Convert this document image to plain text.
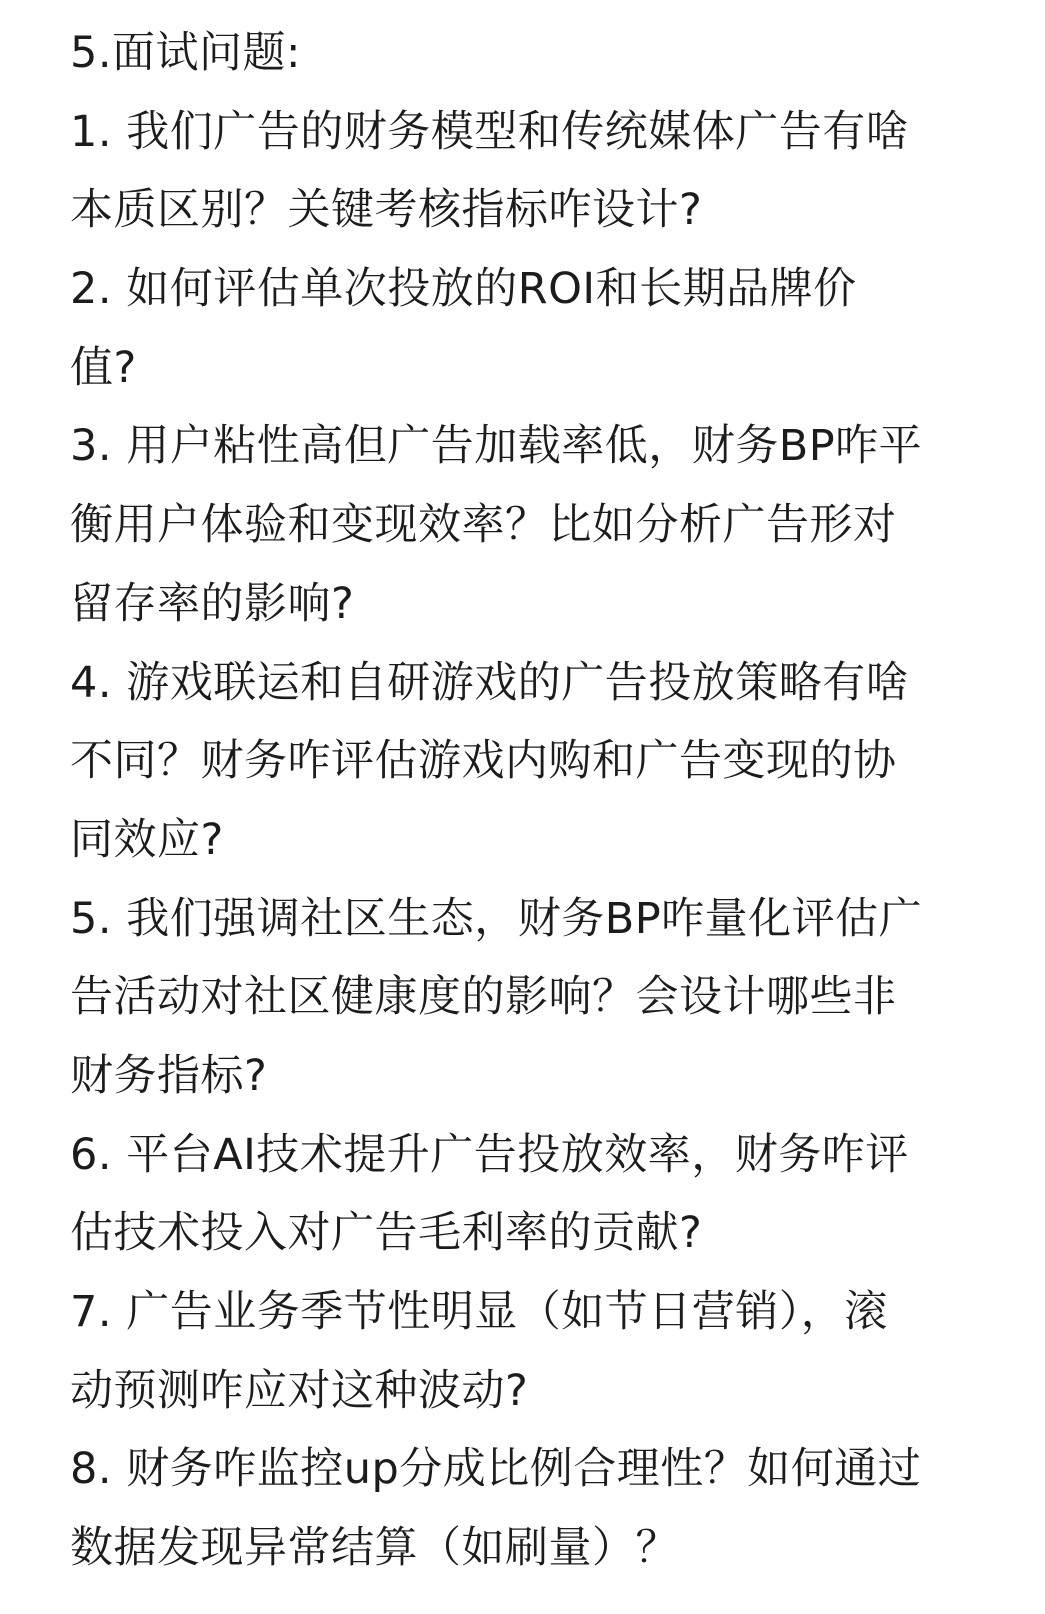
5.面试问题:
1. 我们广告的财务模型和传统媒体广告有啥
本质区别？关键考核指标咋设计?
2. 如何评估单次投放的ROI和长期品牌价
值?
3. 用户粘性高但广告加载率低，财务BP咋平
衡用户体验和变现效率？比如分析广告形对
留存率的影响?
4. 游戏联运和自研游戏的广告投放策略有啥
不同？财务咋评估游戏内购和广告变现的协
同效应?
5. 我们强调社区生态，财务BP咋量化评估广
告活动对社区健康度的影响？会设计哪些非
财务指标?
6. 平台AI技术提升广告投放效率，财务咋评
估技术投入对广告毛利率的贡献?
7. 广告业务季节性明显（如节日营销），滚
动预测咋应对这种波动?
8. 财务咋监控up分成比例合理性？如何通过
数据发现异常结算（如刷量）？
